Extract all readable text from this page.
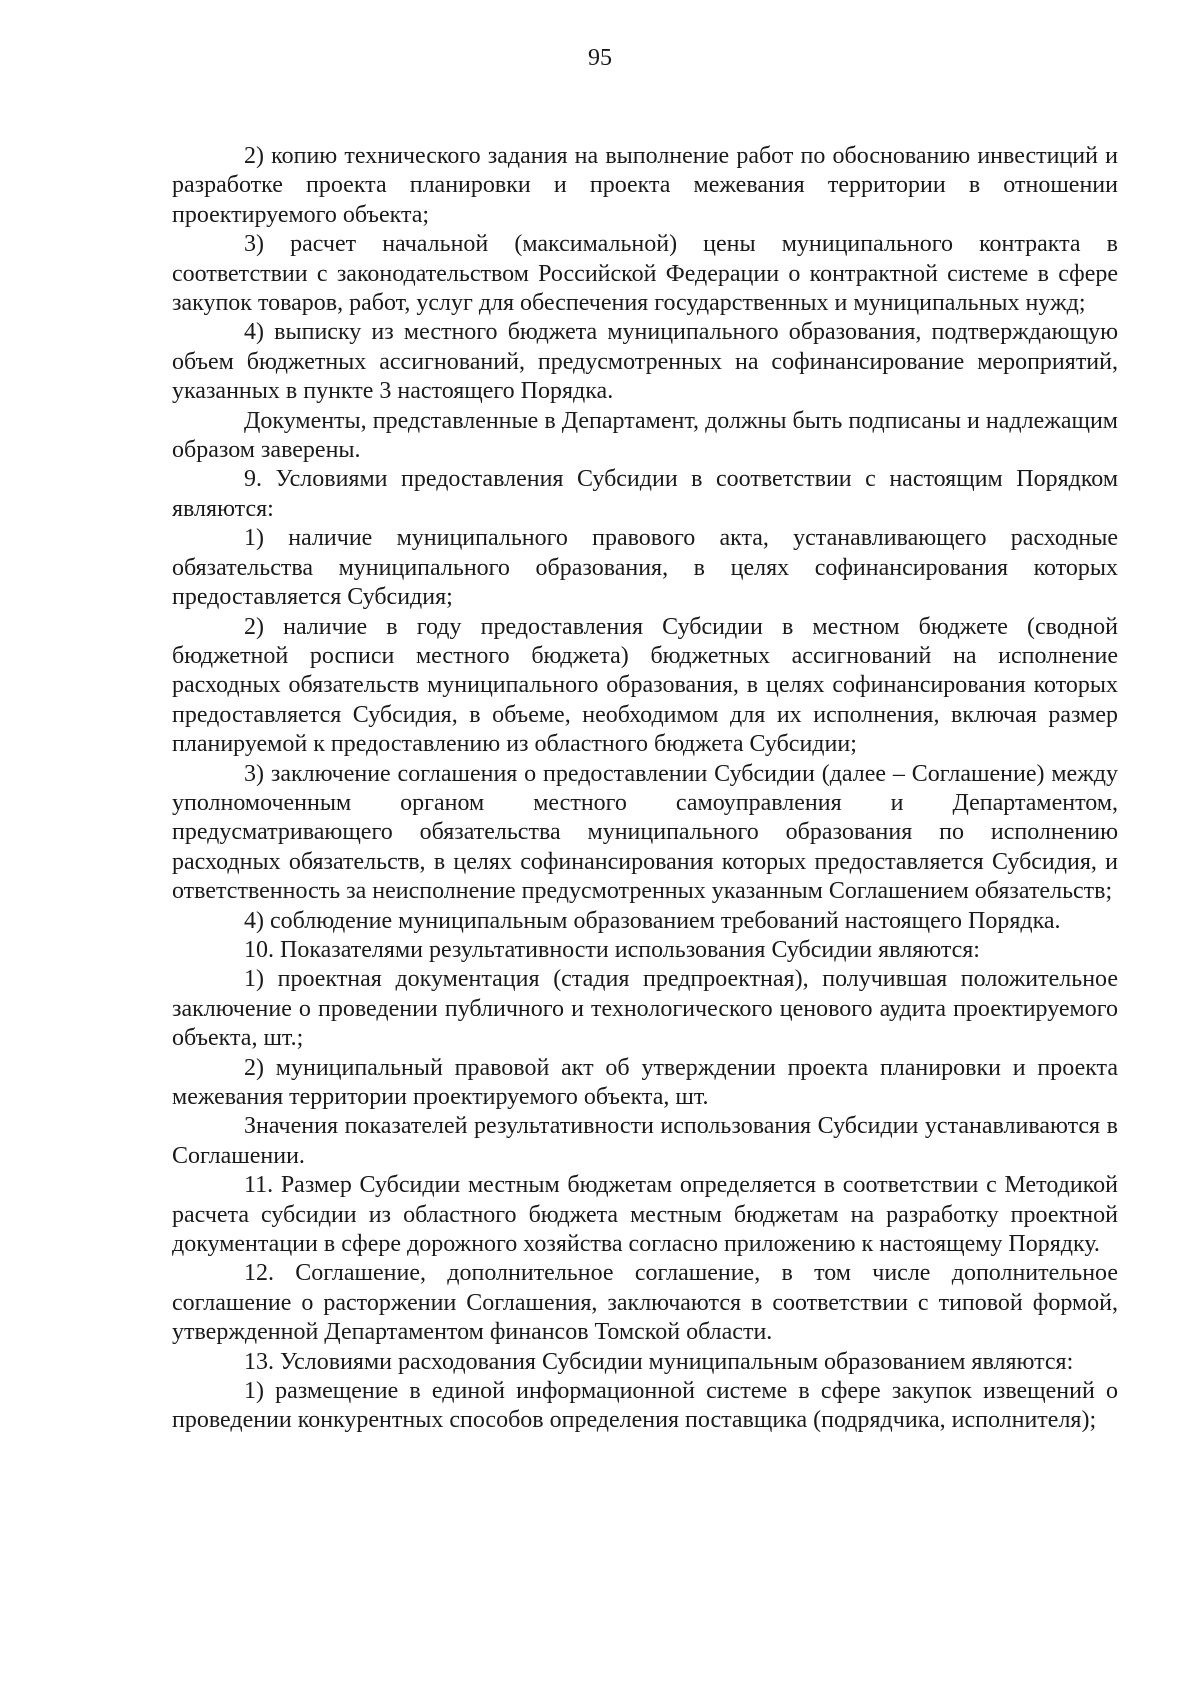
95

2) копию технического задания на выполнение работ по обоснованию инвестиций и разработке проекта планировки и проекта межевания территории в отношении проектируемого объекта;

3) расчет начальной (максимальной) цены муниципального контракта в соответствии с законодательством Российской Федерации о контрактной системе в сфере закупок товаров, работ, услуг для обеспечения государственных и муниципальных нужд;

4) выписку из местного бюджета муниципального образования, подтверждающую объем бюджетных ассигнований, предусмотренных на софинансирование мероприятий, указанных в пункте 3 настоящего Порядка.

Документы, представленные в Департамент, должны быть подписаны и надлежащим образом заверены.

9. Условиями предоставления Субсидии в соответствии с настоящим Порядком являются:

1) наличие муниципального правового акта, устанавливающего расходные обязательства муниципального образования, в целях софинансирования которых предоставляется Субсидия;

2) наличие в году предоставления Субсидии в местном бюджете (сводной бюджетной росписи местного бюджета) бюджетных ассигнований на исполнение расходных обязательств муниципального образования, в целях софинансирования которых предоставляется Субсидия, в объеме, необходимом для их исполнения, включая размер планируемой к предоставлению из областного бюджета Субсидии;

3) заключение соглашения о предоставлении Субсидии (далее – Соглашение) между уполномоченным органом местного самоуправления и Департаментом, предусматривающего обязательства муниципального образования по исполнению расходных обязательств, в целях софинансирования которых предоставляется Субсидия, и ответственность за неисполнение предусмотренных указанным Соглашением обязательств;

4) соблюдение муниципальным образованием требований настоящего Порядка.

10. Показателями результативности использования Субсидии являются:

1) проектная документация (стадия предпроектная), получившая положительное заключение о проведении публичного и технологического ценового аудита проектируемого объекта, шт.;

2) муниципальный правовой акт об утверждении проекта планировки и проекта межевания территории проектируемого объекта, шт.

Значения показателей результативности использования Субсидии устанавливаются в Соглашении.

11. Размер Субсидии местным бюджетам определяется в соответствии с Методикой расчета субсидии из областного бюджета местным бюджетам на разработку проектной документации в сфере дорожного хозяйства согласно приложению к настоящему Порядку.

12. Соглашение, дополнительное соглашение, в том числе дополнительное соглашение о расторжении Соглашения, заключаются в соответствии с типовой формой, утвержденной Департаментом финансов Томской области.

13. Условиями расходования Субсидии муниципальным образованием являются:

1) размещение в единой информационной системе в сфере закупок извещений о проведении конкурентных способов определения поставщика (подрядчика, исполнителя);
